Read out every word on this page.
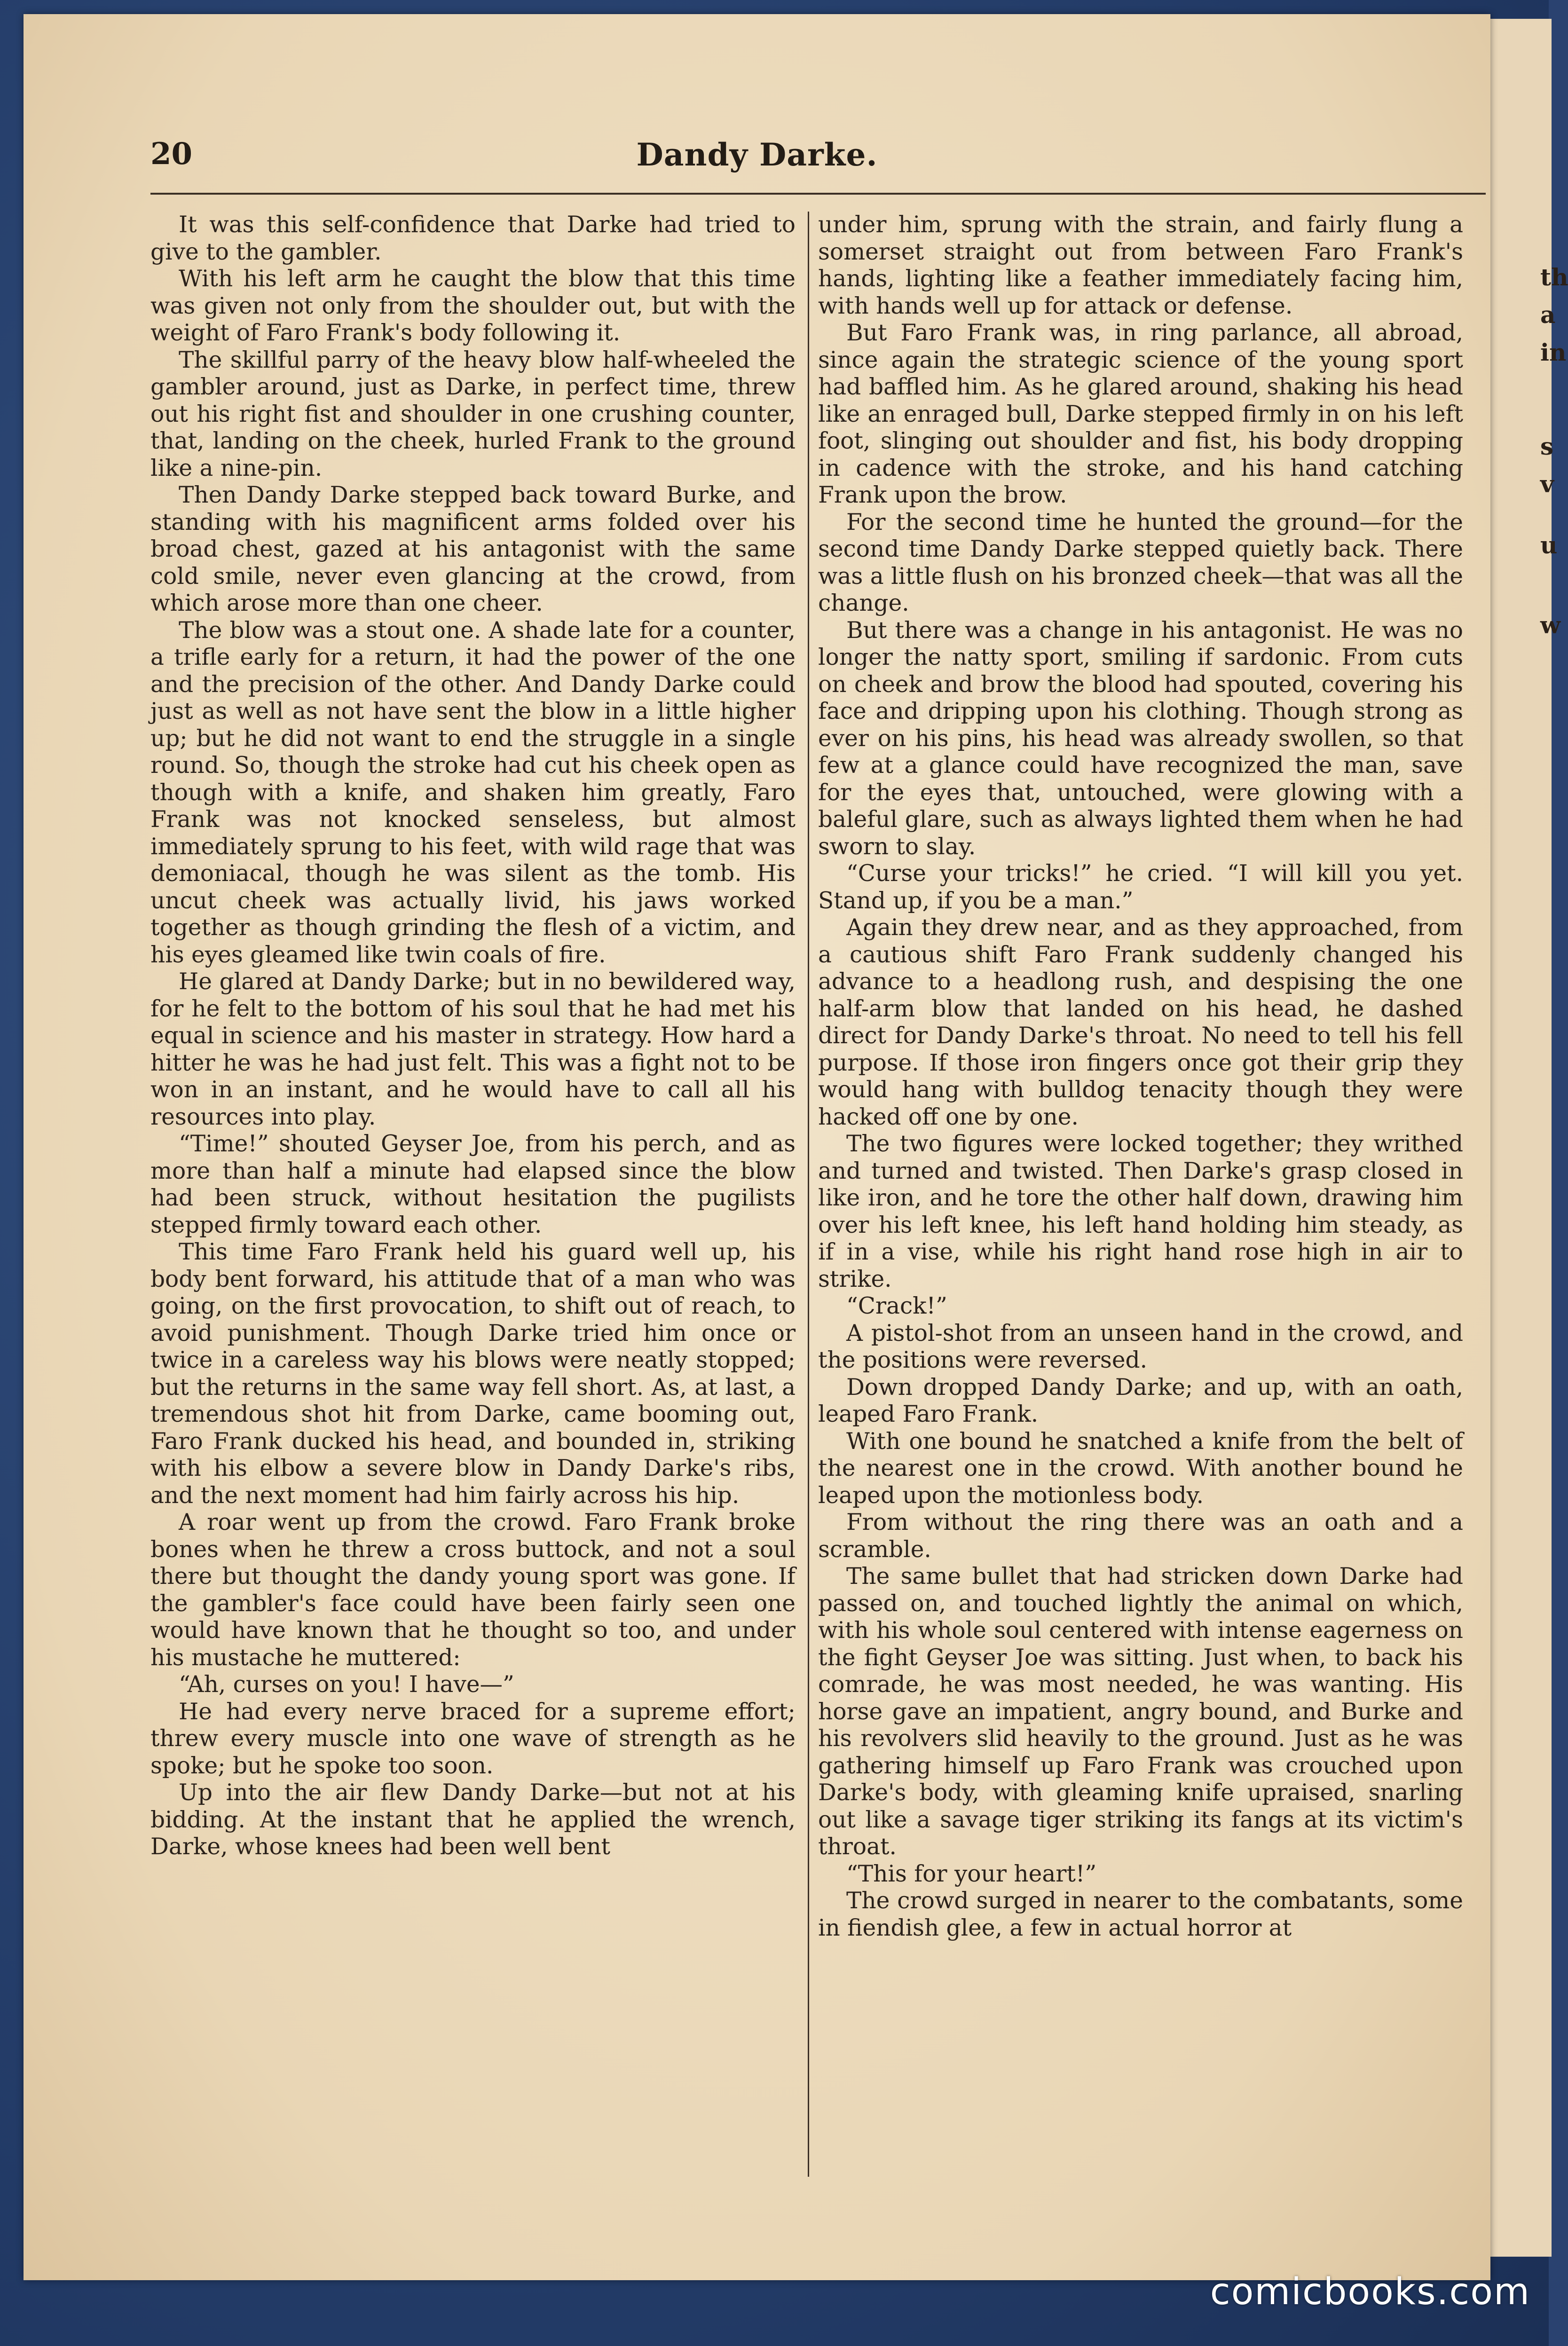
th
a
in
s
v
u
w
20	Dandy Darke.

It was this self-confidence that Darke had tried to give to the gambler.

With his left arm he caught the blow that this time was given not only from the shoulder out, but with the weight of Faro Frank's body following it.

The skillful parry of the heavy blow half-wheeled the gambler around, just as Darke, in perfect time, threw out his right fist and shoulder in one crushing counter, that, landing on the cheek, hurled Frank to the ground like a nine-pin.

Then Dandy Darke stepped back toward Burke, and standing with his magnificent arms folded over his broad chest, gazed at his antagonist with the same cold smile, never even glancing at the crowd, from which arose more than one cheer.

The blow was a stout one. A shade late for a counter, a trifle early for a return, it had the power of the one and the precision of the other. And Dandy Darke could just as well as not have sent the blow in a little higher up; but he did not want to end the struggle in a single round. So, though the stroke had cut his cheek open as though with a knife, and shaken him greatly, Faro Frank was not knocked senseless, but almost immediately sprung to his feet, with wild rage that was demoniacal, though he was silent as the tomb. His uncut cheek was actually livid, his jaws worked together as though grinding the flesh of a victim, and his eyes gleamed like twin coals of fire.

He glared at Dandy Darke; but in no bewildered way, for he felt to the bottom of his soul that he had met his equal in science and his master in strategy. How hard a hitter he was he had just felt. This was a fight not to be won in an instant, and he would have to call all his resources into play.

“Time!” shouted Geyser Joe, from his perch, and as more than half a minute had elapsed since the blow had been struck, without hesitation the pugilists stepped firmly toward each other.

This time Faro Frank held his guard well up, his body bent forward, his attitude that of a man who was going, on the first provocation, to shift out of reach, to avoid punishment. Though Darke tried him once or twice in a careless way his blows were neatly stopped; but the returns in the same way fell short. As, at last, a tremendous shot hit from Darke, came booming out, Faro Frank ducked his head, and bounded in, striking with his elbow a severe blow in Dandy Darke's ribs, and the next moment had him fairly across his hip.

A roar went up from the crowd. Faro Frank broke bones when he threw a cross buttock, and not a soul there but thought the dandy young sport was gone. If the gambler's face could have been fairly seen one would have known that he thought so too, and under his mustache he muttered:

“Ah, curses on you! I have—”

He had every nerve braced for a supreme effort; threw every muscle into one wave of strength as he spoke; but he spoke too soon.

Up into the air flew Dandy Darke—but not at his bidding. At the instant that he applied the wrench, Darke, whose knees had been well bent

under him, sprung with the strain, and fairly flung a somerset straight out from between Faro Frank's hands, lighting like a feather immediately facing him, with hands well up for attack or defense.

But Faro Frank was, in ring parlance, all abroad, since again the strategic science of the young sport had baffled him. As he glared around, shaking his head like an enraged bull, Darke stepped firmly in on his left foot, slinging out shoulder and fist, his body dropping in cadence with the stroke, and his hand catching Frank upon the brow.

For the second time he hunted the ground—for the second time Dandy Darke stepped quietly back. There was a little flush on his bronzed cheek—that was all the change.

But there was a change in his antagonist. He was no longer the natty sport, smiling if sardonic. From cuts on cheek and brow the blood had spouted, covering his face and dripping upon his clothing. Though strong as ever on his pins, his head was already swollen, so that few at a glance could have recognized the man, save for the eyes that, untouched, were glowing with a baleful glare, such as always lighted them when he had sworn to slay.

“Curse your tricks!” he cried. “I will kill you yet. Stand up, if you be a man.”

Again they drew near, and as they approached, from a cautious shift Faro Frank suddenly changed his advance to a headlong rush, and despising the one half-arm blow that landed on his head, he dashed direct for Dandy Darke's throat. No need to tell his fell purpose. If those iron fingers once got their grip they would hang with bulldog tenacity though they were hacked off one by one.

The two figures were locked together; they writhed and turned and twisted. Then Darke's grasp closed in like iron, and he tore the other half down, drawing him over his left knee, his left hand holding him steady, as if in a vise, while his right hand rose high in air to strike.

“Crack!”

A pistol-shot from an unseen hand in the crowd, and the positions were reversed.

Down dropped Dandy Darke; and up, with an oath, leaped Faro Frank.

With one bound he snatched a knife from the belt of the nearest one in the crowd. With another bound he leaped upon the motionless body.

From without the ring there was an oath and a scramble.

The same bullet that had stricken down Darke had passed on, and touched lightly the animal on which, with his whole soul centered with intense eagerness on the fight Geyser Joe was sitting. Just when, to back his comrade, he was most needed, he was wanting. His horse gave an impatient, angry bound, and Burke and his revolvers slid heavily to the ground. Just as he was gathering himself up Faro Frank was crouched upon Darke's body, with gleaming knife upraised, snarling out like a savage tiger striking its fangs at its victim's throat.

“This for your heart!”

The crowd surged in nearer to the combatants, some in fiendish glee, a few in actual horror at

comicbooks.com
